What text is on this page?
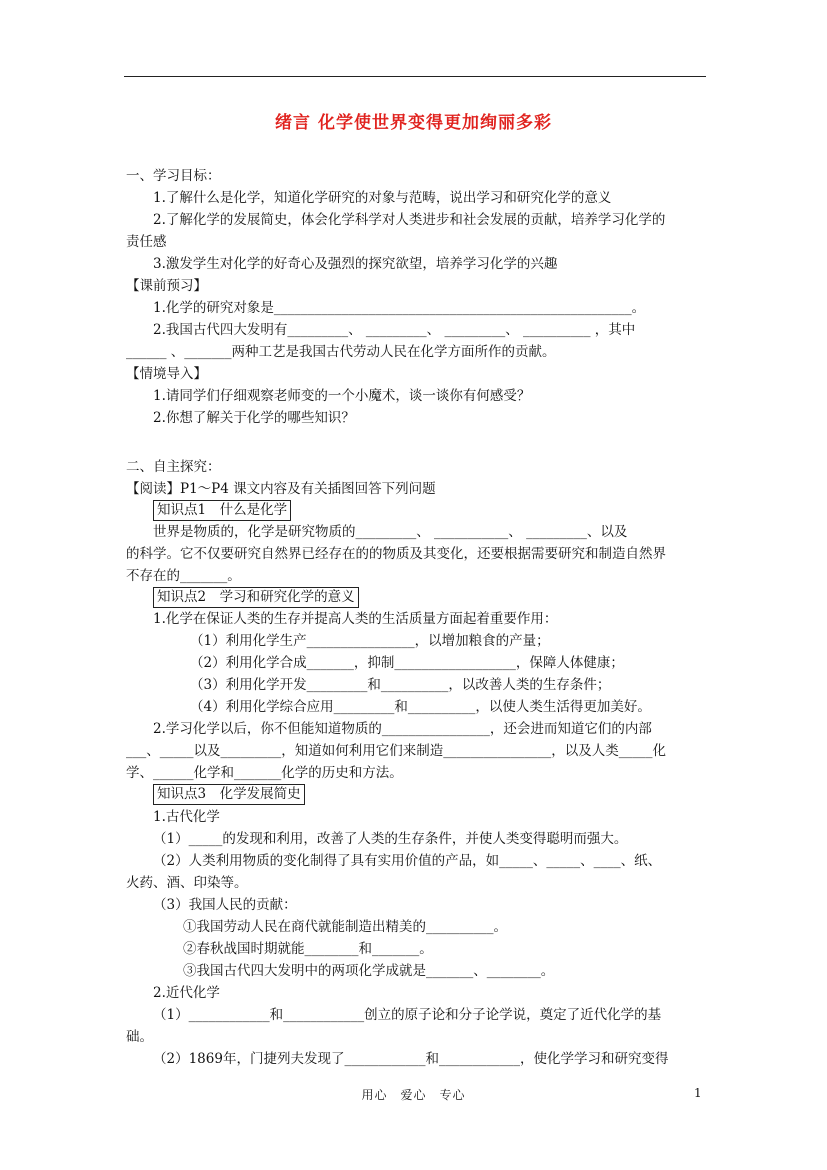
绪言 化学使世界变得更加绚丽多彩
一、学习目标：
1.了解什么是化学，知道化学研究的对象与范畴，说出学习和研究化学的意义
2.了解化学的发展简史，体会化学科学对人类进步和社会发展的贡献，培养学习化学的
责任感
3.激发学生对化学的好奇心及强烈的探究欲望，培养学习化学的兴趣
【课前预习】
1.化学的研究对象是_____________________________________________________。
2.我国古代四大发明有_________、 _________、 _________、 __________ ，其中
______ 、_______两种工艺是我国古代劳动人民在化学方面所作的贡献。
【情境导入】
1.请同学们仔细观察老师变的一个小魔术，谈一谈你有何感受？
2.你想了解关于化学的哪些知识？
二、自主探究：
【阅读】P1～P4 课文内容及有关插图回答下列问题
知识点1　什么是化学
世界是物质的，化学是研究物质的_________、 ___________、 _________、以及
的科学。它不仅要研究自然界已经存在的的物质及其变化，还要根据需要研究和制造自然界
不存在的_______。
知识点2　学习和研究化学的意义
1.化学在保证人类的生存并提高人类的生活质量方面起着重要作用：
（1）利用化学生产________________，以增加粮食的产量；
（2）利用化学合成_______，抑制__________________，保障人体健康；
（3）利用化学开发_________和__________，以改善人类的生存条件；
（4）利用化学综合应用_________和__________，以使人类生活得更加美好。
2.学习化学以后，你不但能知道物质的________________，还会进而知道它们的内部
___、_____以及_________，知道如何利用它们来制造________________，以及人类_____化
学、______化学和_______化学的历史和方法。
知识点3　化学发展简史
1.古代化学
（1）_____的发现和利用，改善了人类的生存条件，并使人类变得聪明而强大。
（2）人类利用物质的变化制得了具有实用价值的产品，如_____、_____、____、纸、
火药、酒、印染等。
（3）我国人民的贡献：
①我国劳动人民在商代就能制造出精美的__________。
②春秋战国时期就能________和_______。
③我国古代四大发明中的两项化学成就是_______、________。
2.近代化学
（1）____________和____________创立的原子论和分子论学说，奠定了近代化学的基
础。
（2）1869年，门捷列夫发现了____________和____________，使化学学习和研究变得
用心　爱心　专心	1
